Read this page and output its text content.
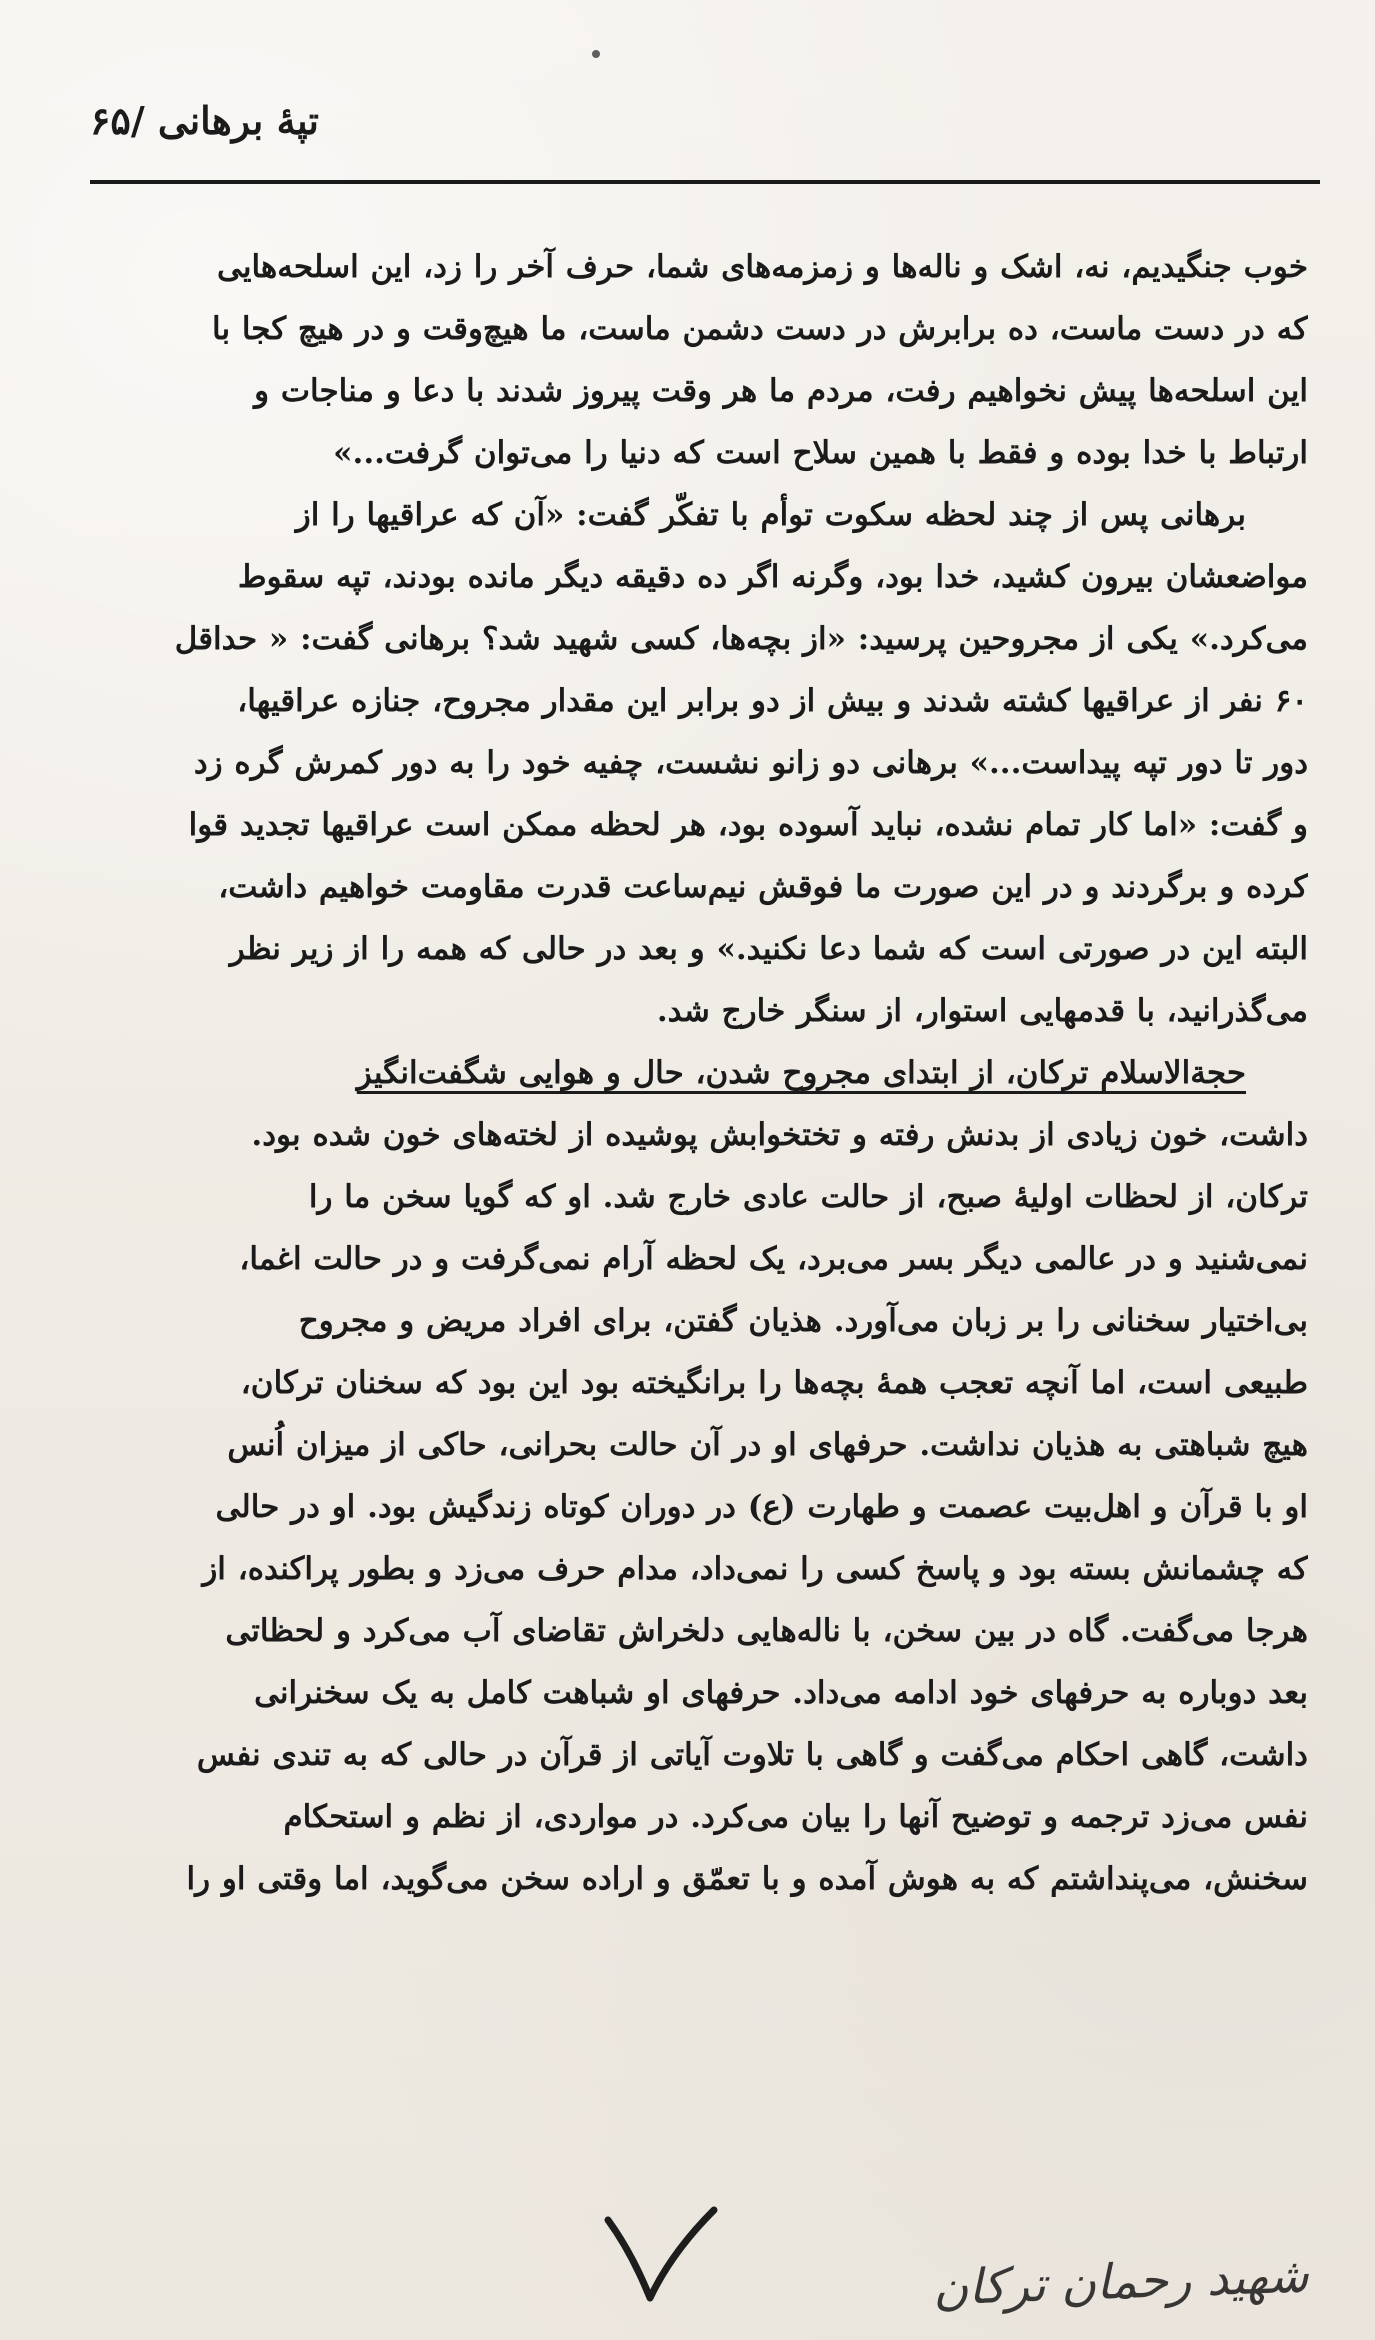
تپهٔ برهانی /۶۵
خوب جنگیدیم، نه، اشک و ناله‌ها و زمزمه‌های شما، حرف آخر را زد، این اسلحه‌هایی
که در دست ماست، ده برابرش در دست دشمن ماست، ما هیچ‌وقت و در هیچ کجا با
این اسلحه‌ها پیش نخواهیم رفت، مردم ما هر وقت پیروز شدند با دعا و مناجات و
ارتباط با خدا بوده و فقط با همین سلاح است که دنیا را می‌توان گرفت...»
برهانی پس از چند لحظه سکوت توأم با تفکّر گفت: «آن که عراقیها را از
مواضعشان بیرون کشید، خدا بود، وگرنه اگر ده دقیقه دیگر مانده بودند، تپه سقوط
می‌کرد.» یکی از مجروحین پرسید: «از بچه‌ها، کسی شهید شد؟ برهانی گفت: « حداقل
۶۰ نفر از عراقیها کشته شدند و بیش از دو برابر این مقدار مجروح، جنازه عراقیها،
دور تا دور تپه پیداست...» برهانی دو زانو نشست، چفیه خود را به دور کمرش گره زد
و گفت: «اما کار تمام نشده، نباید آسوده بود، هر لحظه ممکن است عراقیها تجدید قوا
کرده و برگردند و در این صورت ما فوقش نیم‌ساعت قدرت مقاومت خواهیم داشت،
البته این در صورتی است که شما دعا نکنید.» و بعد در حالی که همه را از زیر نظر
می‌گذرانید، با قدمهایی استوار، از سنگر خارج شد.
حجة‌الاسلام ترکان، از ابتدای مجروح شدن، حال و هوایی شگفت‌انگیز
داشت، خون زیادی از بدنش رفته و تختخوابش پوشیده از لخته‌های خون شده بود.
ترکان، از لحظات اولیهٔ صبح، از حالت عادی خارج شد. او که گویا سخن ما را
نمی‌شنید و در عالمی دیگر بسر می‌برد، یک لحظه آرام نمی‌گرفت و در حالت اغما،
بی‌اختیار سخنانی را بر زبان می‌آورد. هذیان گفتن، برای افراد مریض و مجروح
طبیعی است، اما آنچه تعجب همهٔ بچه‌ها را برانگیخته بود این بود که سخنان ترکان،
هیچ شباهتی به هذیان نداشت. حرفهای او در آن حالت بحرانی، حاکی از میزان اُنس
او با قرآن و اهل‌بیت عصمت و طهارت (ع) در دوران کوتاه زندگیش بود. او در حالی
که چشمانش بسته بود و پاسخ کسی را نمی‌داد، مدام حرف می‌زد و بطور پراکنده، از
هرجا می‌گفت. گاه در بین سخن، با ناله‌هایی دلخراش تقاضای آب می‌کرد و لحظاتی
بعد دوباره به حرفهای خود ادامه می‌داد. حرفهای او شباهت کامل به یک سخنرانی
داشت، گاهی احکام می‌گفت و گاهی با تلاوت آیاتی از قرآن در حالی که به تندی نفس
نفس می‌زد ترجمه و توضیح آنها را بیان می‌کرد. در مواردی، از نظم و استحکام
سخنش، می‌پنداشتم که به هوش آمده و با تعمّق و اراده سخن می‌گوید، اما وقتی او را
شهید رحمان ترکان
